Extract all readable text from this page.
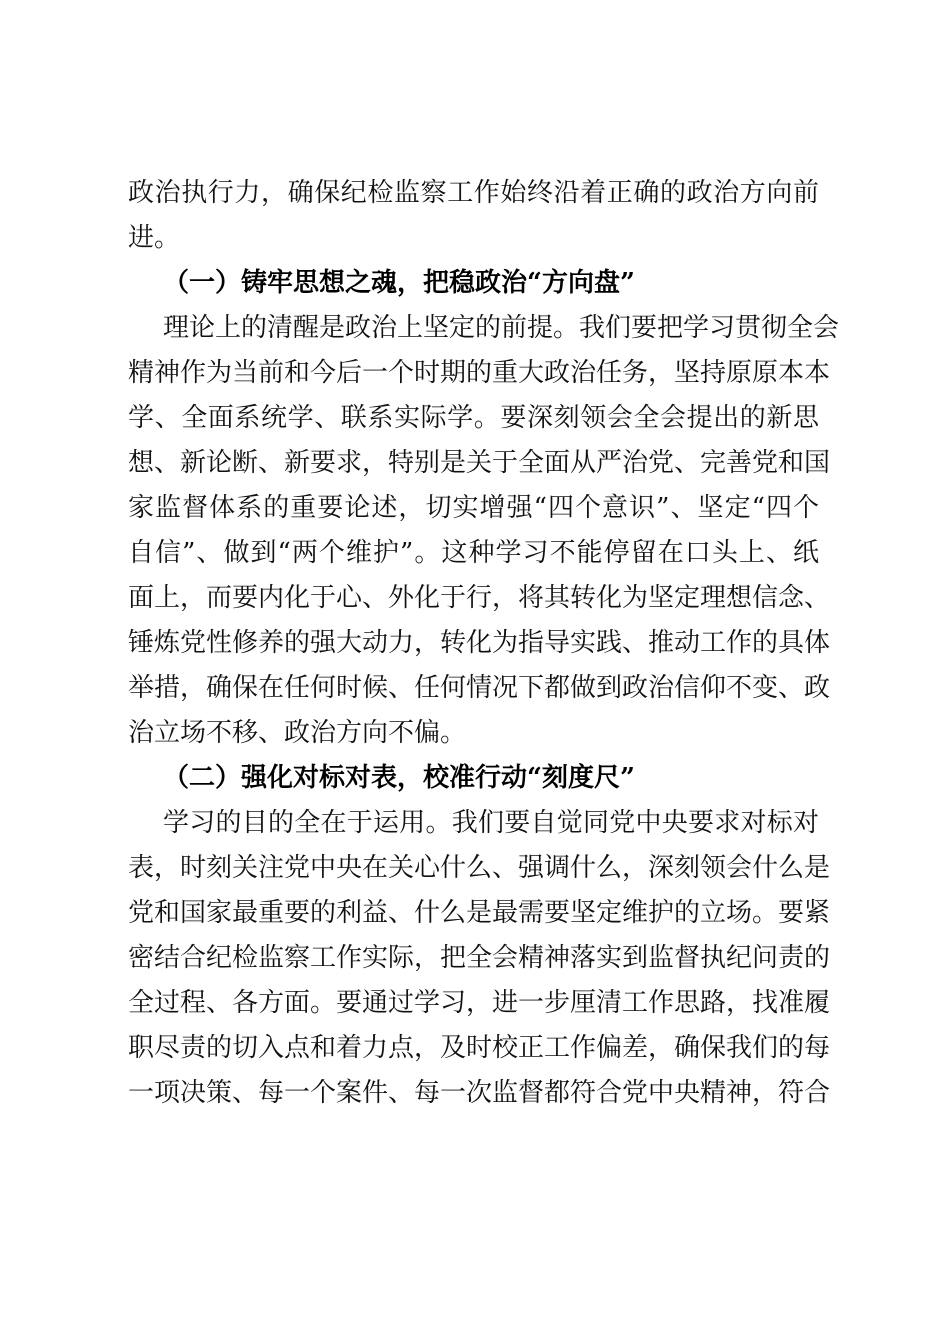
政治执行力，确保纪检监察工作始终沿着正确的政治方向前
进。
（一）铸牢思想之魂，把稳政治“方向盘”
理论上的清醒是政治上坚定的前提。我们要把学习贯彻全会
精神作为当前和今后一个时期的重大政治任务，坚持原原本本
学、全面系统学、联系实际学。要深刻领会全会提出的新思
想、新论断、新要求，特别是关于全面从严治党、完善党和国
家监督体系的重要论述，切实增强“四个意识”、坚定“四个
自信”、做到“两个维护”。这种学习不能停留在口头上、纸
面上，而要内化于心、外化于行，将其转化为坚定理想信念、
锤炼党性修养的强大动力，转化为指导实践、推动工作的具体
举措，确保在任何时候、任何情况下都做到政治信仰不变、政
治立场不移、政治方向不偏。
（二）强化对标对表，校准行动“刻度尺”
学习的目的全在于运用。我们要自觉同党中央要求对标对
表，时刻关注党中央在关心什么、强调什么，深刻领会什么是
党和国家最重要的利益、什么是最需要坚定维护的立场。要紧
密结合纪检监察工作实际，把全会精神落实到监督执纪问责的
全过程、各方面。要通过学习，进一步厘清工作思路，找准履
职尽责的切入点和着力点，及时校正工作偏差，确保我们的每
一项决策、每一个案件、每一次监督都符合党中央精神，符合
